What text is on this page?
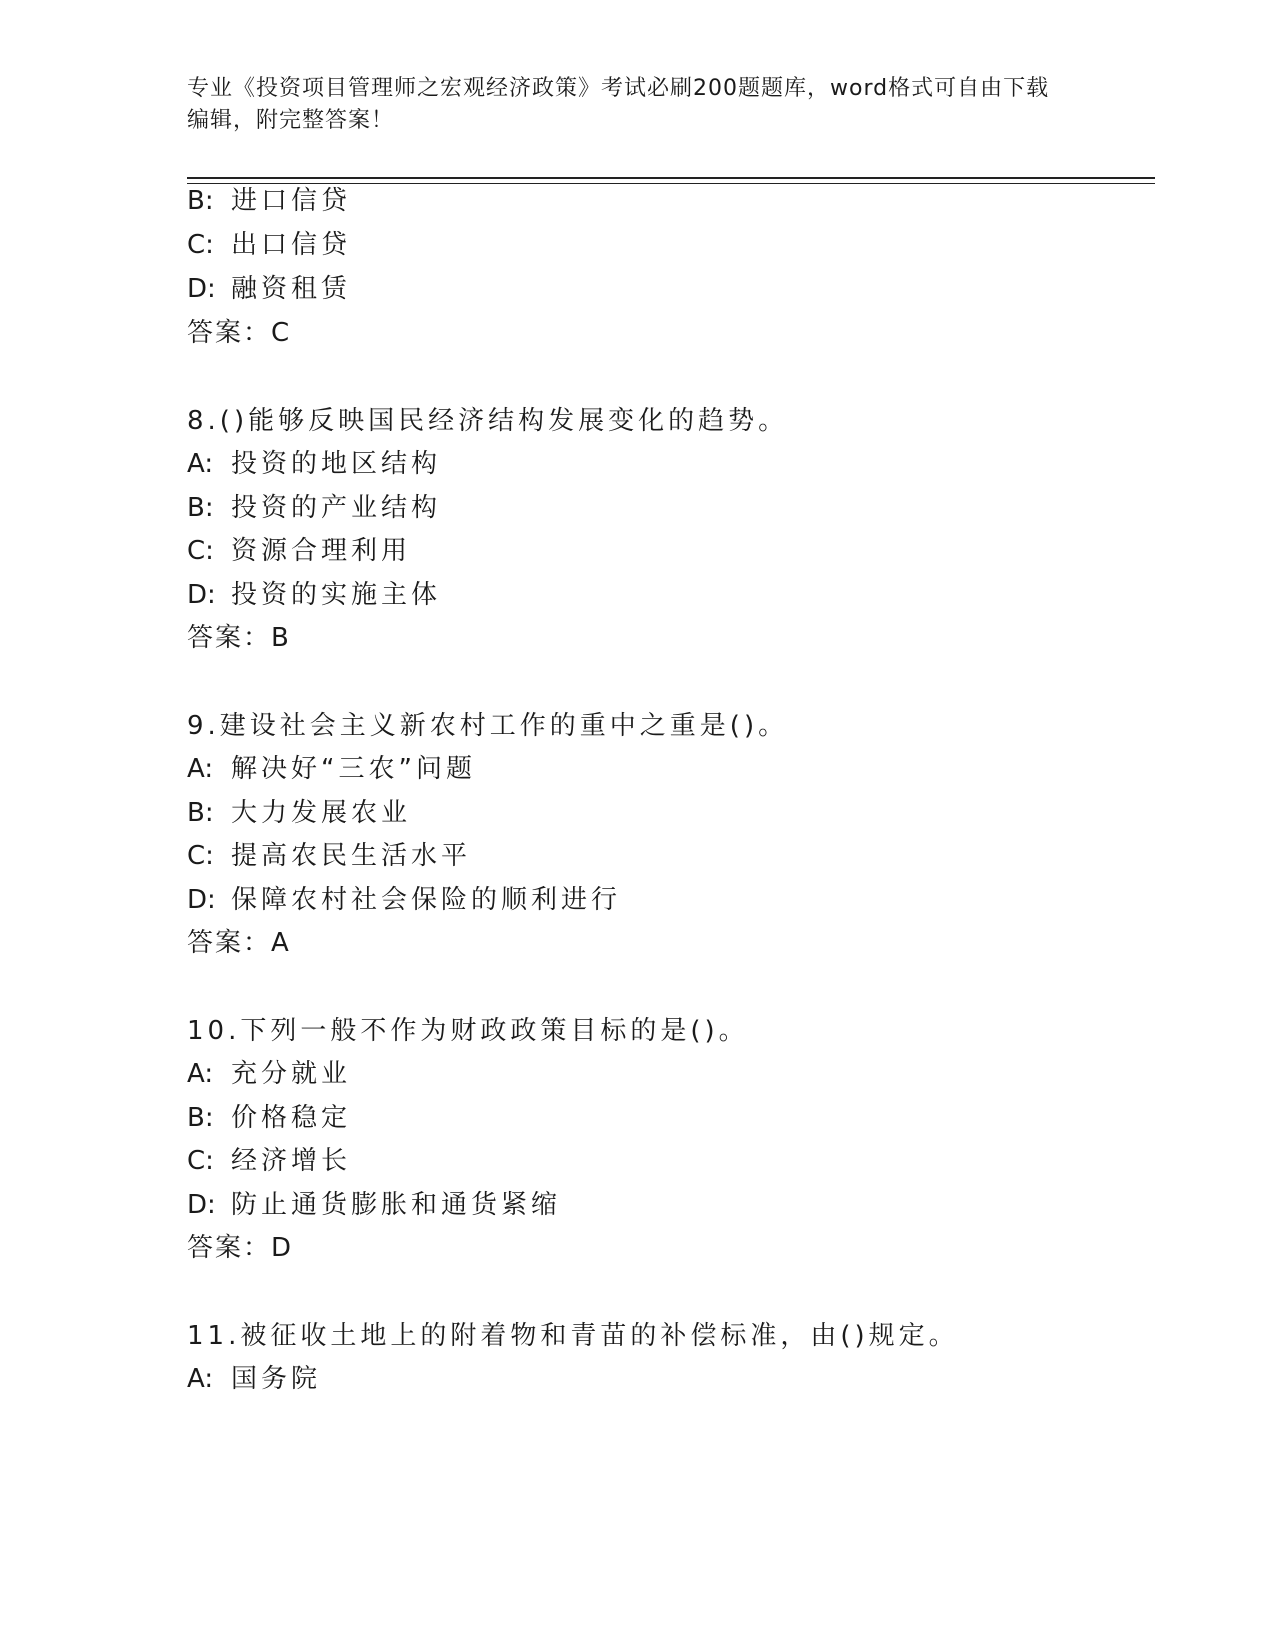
专业《投资项目管理师之宏观经济政策》考试必刷200题题库，word格式可自由下载编辑，附完整答案！
B: 进口信贷
C: 出口信贷
D: 融资租赁
答案：C
8.()能够反映国民经济结构发展变化的趋势。
A: 投资的地区结构
B: 投资的产业结构
C: 资源合理利用
D: 投资的实施主体
答案：B
9.建设社会主义新农村工作的重中之重是()。
A: 解决好“三农”问题
B: 大力发展农业
C: 提高农民生活水平
D: 保障农村社会保险的顺利进行
答案：A
10.下列一般不作为财政政策目标的是()。
A: 充分就业
B: 价格稳定
C: 经济增长
D: 防止通货膨胀和通货紧缩
答案：D
11.被征收土地上的附着物和青苗的补偿标准，由()规定。
A: 国务院
